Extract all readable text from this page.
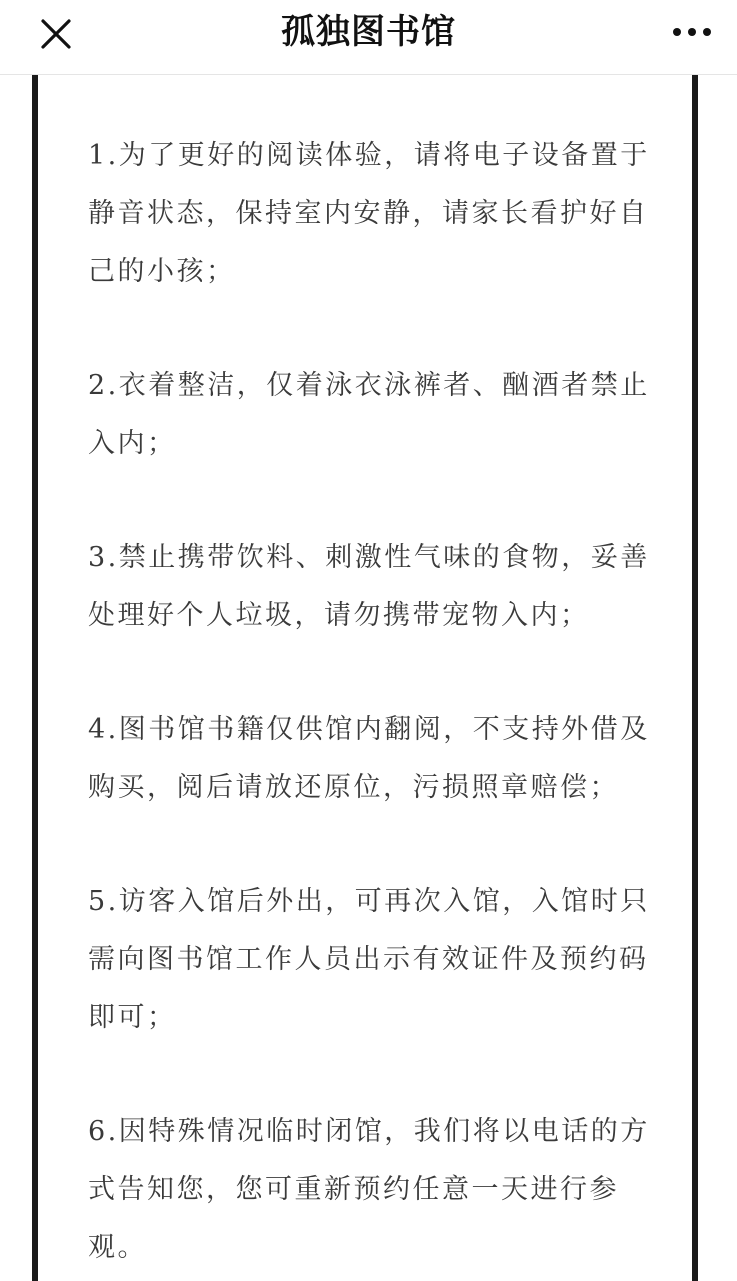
孤独图书馆

1.为了更好的阅读体验，请将电子设备置于静音状态，保持室内安静，请家长看护好自己的小孩；

2.衣着整洁，仅着泳衣泳裤者、酗酒者禁止入内；

3.禁止携带饮料、刺激性气味的食物，妥善处理好个人垃圾，请勿携带宠物入内；

4.图书馆书籍仅供馆内翻阅，不支持外借及购买，阅后请放还原位，污损照章赔偿；

5.访客入馆后外出，可再次入馆，入馆时只需向图书馆工作人员出示有效证件及预约码即可；

6.因特殊情况临时闭馆，我们将以电话的方式告知您，您可重新预约任意一天进行参观。
